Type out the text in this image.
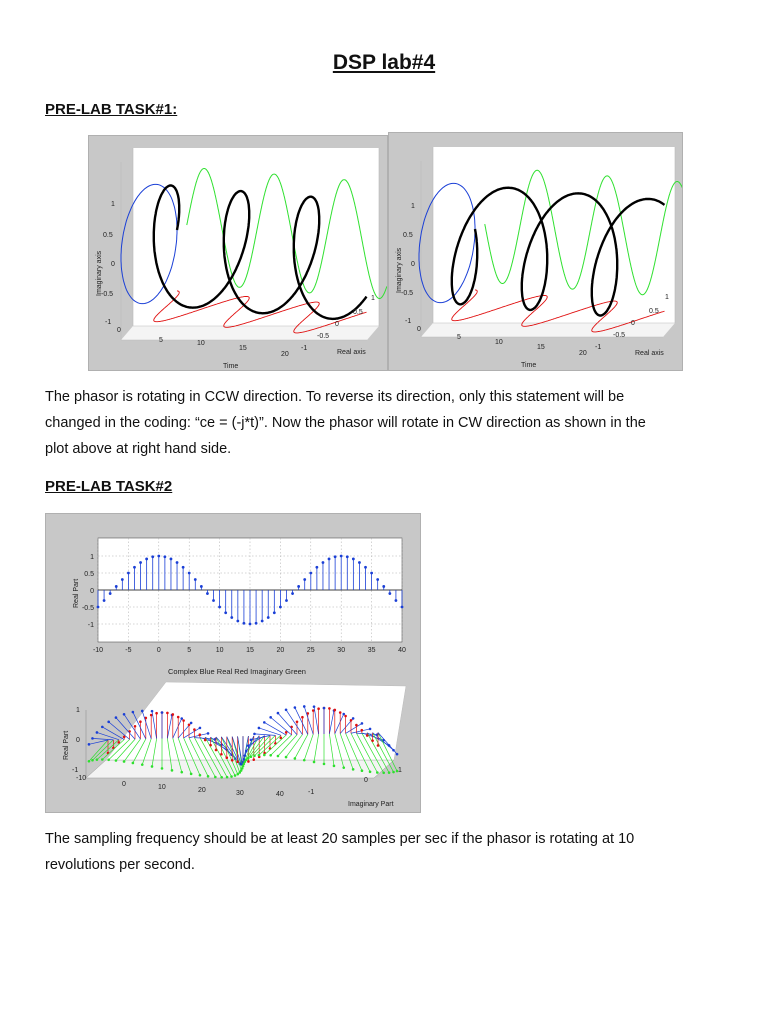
DSP lab#4
PRE-LAB TASK#1:
1
0.5
0
-0.5
-1
0
5	10
15
20
Time
1
0.5
0
-0.5
-1
Real axis
Imaginary axis
1
0.5
0
-0.5
-1
0
5
10
15
20
Time
1
0.5
0
-0.5
-1
Real axis
Imaginary axis
The phasor is rotating in CCW direction. To reverse its direction, only this statement will be
changed in the coding: “ce = (-j*t)”. Now the phasor will rotate in CW direction as shown in the
plot above at right hand side.
PRE-LAB TASK#2
1
0.5
0
-0.5
-1
-10	-5	0	5	10	15	20	25	30	35	40
Real Part
Complex Blue Real Red Imaginary Green
1
0
-1
Real Part
-10
0	10	20	30	40
1
0
-1
Imaginary Part
The sampling frequency should be at least 20 samples per sec if the phasor is rotating at 10
revolutions per second.
